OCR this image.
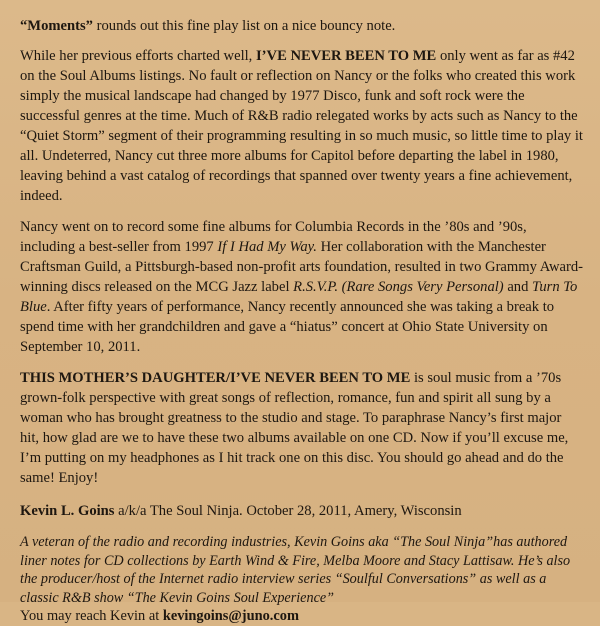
“Moments” rounds out this fine play list on a nice bouncy note.

While her previous efforts charted well, I’VE NEVER BEEN TO ME only went as far as #42 on the Soul Albums listings. No fault or reflection on Nancy or the folks who created this work simply the musical landscape had changed by 1977 Disco, funk and soft rock were the successful genres at the time. Much of R&B radio relegated works by acts such as Nancy to the “Quiet Storm” segment of their programming resulting in so much music, so little time to play it all. Undeterred, Nancy cut three more albums for Capitol before departing the label in 1980, leaving behind a vast catalog of recordings that spanned over twenty years a fine achievement, indeed.

Nancy went on to record some fine albums for Columbia Records in the ’80s and ’90s, including a best-seller from 1997 If I Had My Way. Her collaboration with the Manchester Craftsman Guild, a Pittsburgh-based non-profit arts foundation, resulted in two Grammy Award-winning discs released on the MCG Jazz label R.S.V.P. (Rare Songs Very Personal) and Turn To Blue. After fifty years of performance, Nancy recently announced she was taking a break to spend time with her grandchildren and gave a “hiatus” concert at Ohio State University on September 10, 2011.

THIS MOTHER’S DAUGHTER/I’VE NEVER BEEN TO ME is soul music from a ’70s grown-folk perspective with great songs of reflection, romance, fun and spirit all sung by a woman who has brought greatness to the studio and stage. To paraphrase Nancy’s first major hit, how glad are we to have these two albums available on one CD. Now if you’ll excuse me, I’m putting on my headphones as I hit track one on this disc. You should go ahead and do the same! Enjoy!

Kevin L. Goins a/k/a The Soul Ninja. October 28, 2011, Amery, Wisconsin

A veteran of the radio and recording industries, Kevin Goins aka “The Soul Ninja”has authored liner notes for CD collections by Earth Wind & Fire, Melba Moore and Stacy Lattisaw. He’s also the producer/host of the Internet radio interview series “Soulful Conversations” as well as a classic R&B show “The Kevin Goins Soul Experience”

You may reach Kevin at kevingoins@juno.com
